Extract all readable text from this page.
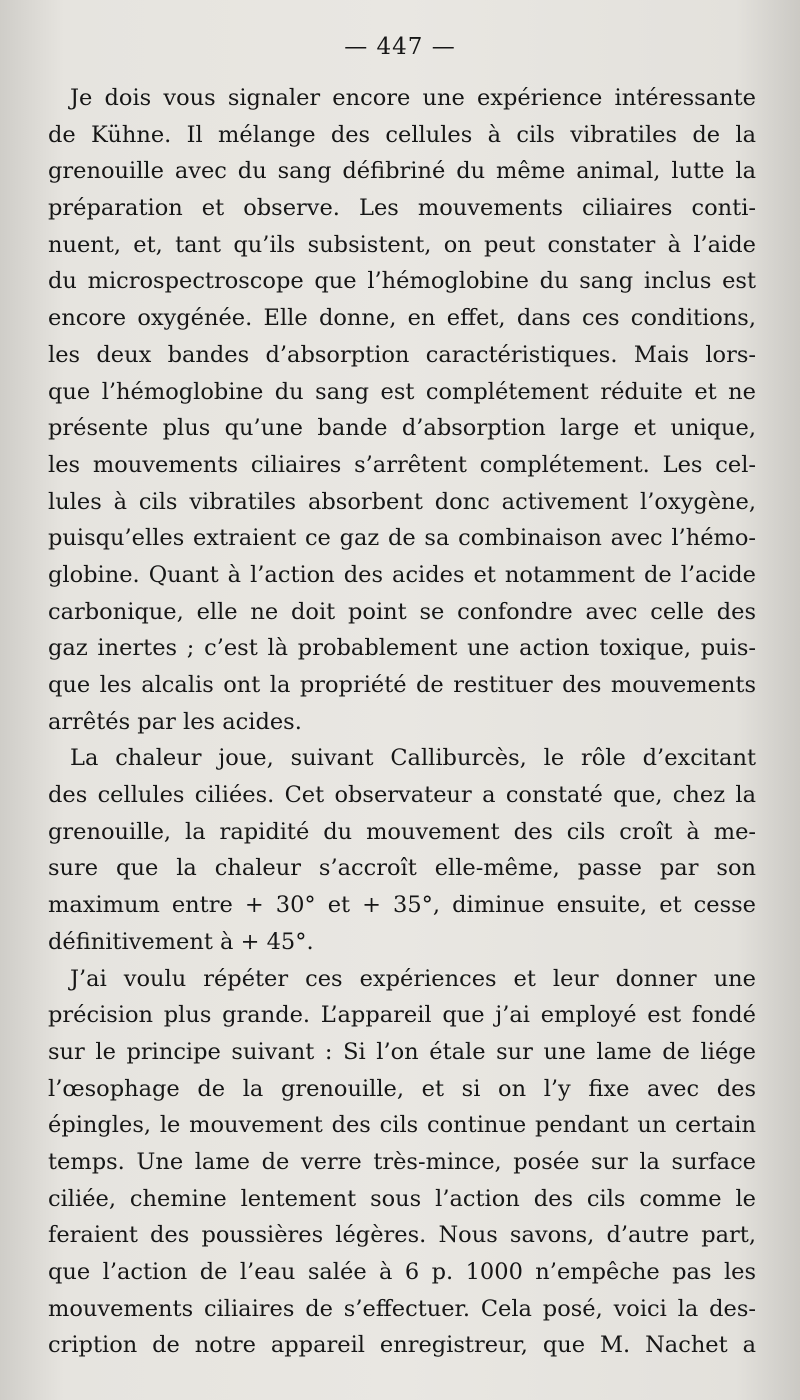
— 447 —

Je dois vous signaler encore une expérience intéressante
de Kühne. Il mélange des cellules à cils vibratiles de la
grenouille avec du sang défibriné du même animal, lutte la
préparation et observe. Les mouvements ciliaires conti-
nuent, et, tant qu’ils subsistent, on peut constater à l’aide
du microspectroscope que l’hémoglobine du sang inclus est
encore oxygénée. Elle donne, en effet, dans ces conditions,
les deux bandes d’absorption caractéristiques. Mais lors-
que l’hémoglobine du sang est complétement réduite et ne
présente plus qu’une bande d’absorption large et unique,
les mouvements ciliaires s’arrêtent complétement. Les cel-
lules à cils vibratiles absorbent donc activement l’oxygène,
puisqu’elles extraient ce gaz de sa combinaison avec l’hémo-
globine. Quant à l’action des acides et notamment de l’acide
carbonique, elle ne doit point se confondre avec celle des
gaz inertes ; c’est là probablement une action toxique, puis-
que les alcalis ont la propriété de restituer des mouvements
arrêtés par les acides.
La chaleur joue, suivant Calliburcès, le rôle d’excitant
des cellules ciliées. Cet observateur a constaté que, chez la
grenouille, la rapidité du mouvement des cils croît à me-
sure que la chaleur s’accroît elle-même, passe par son
maximum entre + 30° et + 35°, diminue ensuite, et cesse
définitivement à + 45°.
J’ai voulu répéter ces expériences et leur donner une
précision plus grande. L’appareil que j’ai employé est fondé
sur le principe suivant : Si l’on étale sur une lame de liége
l’œsophage de la grenouille, et si on l’y fixe avec des
épingles, le mouvement des cils continue pendant un certain
temps. Une lame de verre très-mince, posée sur la surface
ciliée, chemine lentement sous l’action des cils comme le
feraient des poussières légères. Nous savons, d’autre part,
que l’action de l’eau salée à 6 p. 1000 n’empêche pas les
mouvements ciliaires de s’effectuer. Cela posé, voici la des-
cription de notre appareil enregistreur, que M. Nachet a
